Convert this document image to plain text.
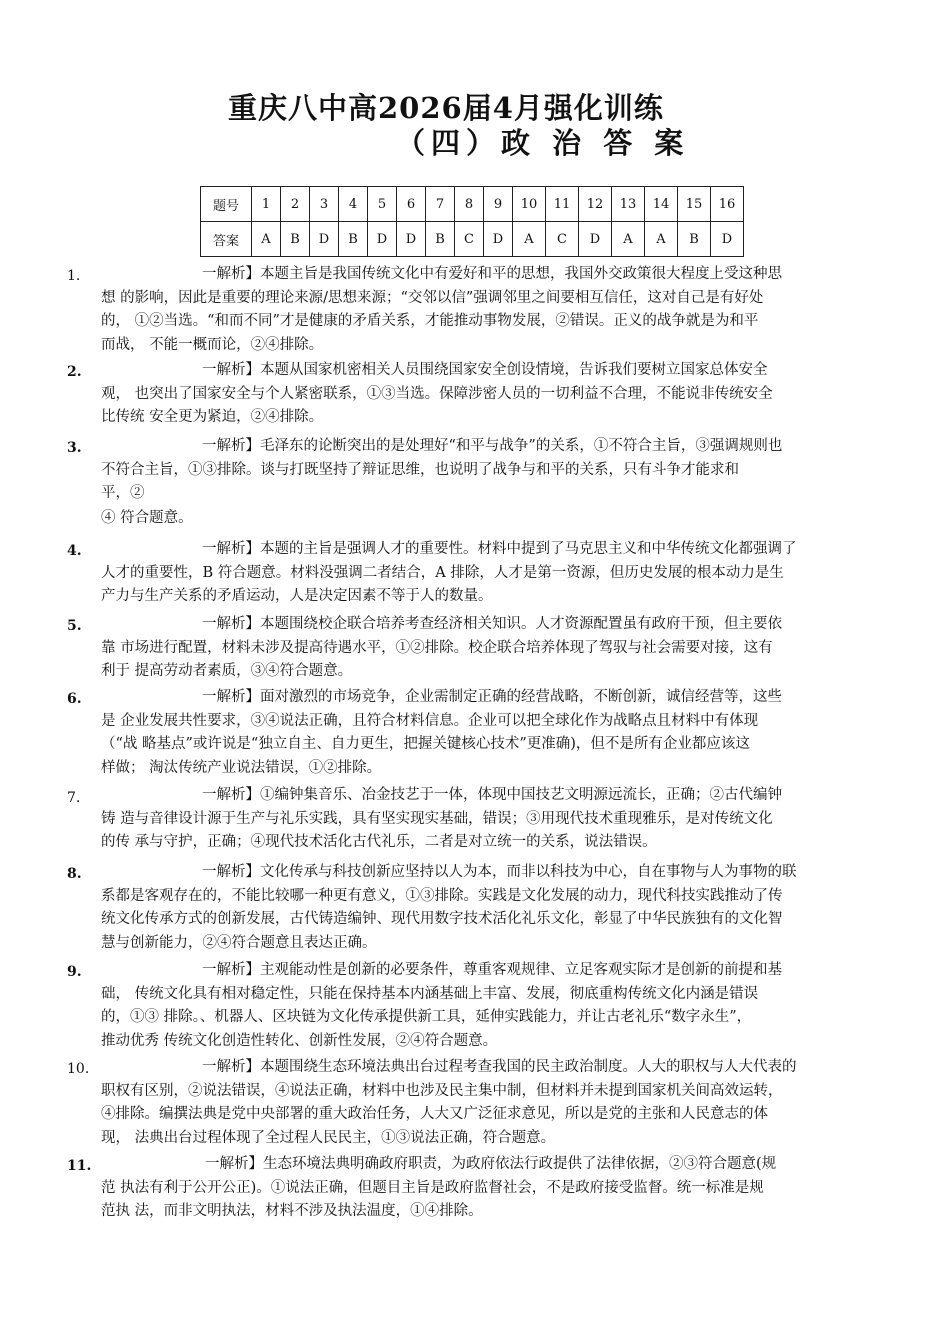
重庆八中高2026届4月强化训练
（四）政 治 答 案
题号	1	2	3	4	5	6	7	8	9	10	11	12	13	14	15	16
答案	A	B	D	B	D	D	B	C	D	A	C	D	A	A	B	D
1.	一解析】本题主旨是我国传统文化中有爱好和平的思想，我国外交政策很大程度上受这种思
想 的影响，因此是重要的理论来源/思想来源；“交邻以信”强调邻里之间要相互信任，这对自己是有好处
的， ①②当选。“和而不同”才是健康的矛盾关系，才能推动事物发展，②错误。正义的战争就是为和平
而战， 不能一概而论，②④排除。
2.	一解析】本题从国家机密相关人员围绕国家安全创设情境，告诉我们要树立国家总体安全
观， 也突出了国家安全与个人紧密联系，①③当选。保障涉密人员的一切利益不合理，不能说非传统安全
比传统 安全更为紧迫，②④排除。
3.	一解析】毛泽东的论断突出的是处理好“和平与战争”的关系，①不符合主旨，③强调规则也
不符合主旨，①③排除。谈与打既坚持了辩证思维，也说明了战争与和平的关系，只有斗争才能求和
平，②
④ 符合题意。
4.	一解析】本题的主旨是强调人才的重要性。材料中提到了马克思主义和中华传统文化都强调了
人才的重要性，B 符合题意。材料没强调二者结合，A 排除，人才是第一资源，但历史发展的根本动力是生
产力与生产关系的矛盾运动，人是决定因素不等于人的数量。
5.	一解析】本题围绕校企联合培养考查经济相关知识。人才资源配置虽有政府干预，但主要依
靠 市场进行配置，材料未涉及提高待遇水平，①②排除。校企联合培养体现了驾驭与社会需要对接，这有
利于 提高劳动者素质，③④符合题意。
6.	一解析】面对激烈的市场竞争，企业需制定正确的经营战略，不断创新，诚信经营等，这些
是 企业发展共性要求，③④说法正确，且符合材料信息。企业可以把全球化作为战略点且材料中有体现
（“战 略基点”或许说是“独立自主、自力更生，把握关键核心技术”更准确)，但不是所有企业都应该这
样做； 淘汰传统产业说法错误，①②排除。
7.	一解析】①编钟集音乐、冶金技艺于一体，体现中国技艺文明源远流长，正确；②古代编钟
铸 造与音律设计源于生产与礼乐实践，具有坚实现实基础，错误；③用现代技术重现雅乐，是对传统文化
的传 承与守护，正确；④现代技术活化古代礼乐，二者是对立统一的关系，说法错误。
8.	一解析】文化传承与科技创新应坚持以人为本，而非以科技为中心，自在事物与人为事物的联
系都是客观存在的，不能比较哪一种更有意义，①③排除。实践是文化发展的动力，现代科技实践推动了传
统文化传承方式的创新发展，古代铸造编钟、现代用数字技术活化礼乐文化，彰显了中华民族独有的文化智
慧与创新能力，②④符合题意且表达正确。
9.	一解析】主观能动性是创新的必要条件，尊重客观规律、立足客观实际才是创新的前提和基
础， 传统文化具有相对稳定性，只能在保持基本内涵基础上丰富、发展，彻底重构传统文化内涵是错误
的，①③ 排除。、机器人、区块链为文化传承提供新工具，延伸实践能力，并让古老礼乐“数字永生”，
推动优秀 传统文化创造性转化、创新性发展，②④符合题意。
10.	一解析】本题围绕生态环境法典出台过程考查我国的民主政治制度。人大的职权与人大代表的
职权有区别，②说法错误，④说法正确，材料中也涉及民主集中制，但材料并未提到国家机关间高效运转，
④排除。编撰法典是党中央部署的重大政治任务，人大又广泛征求意见，所以是党的主张和人民意志的体
现， 法典出台过程体现了全过程人民民主，①③说法正确，符合题意。
11.	一解析】生态环境法典明确政府职责，为政府依法行政提供了法律依据，②③符合题意(规
范 执法有利于公开公正)。①说法正确，但题目主旨是政府监督社会，不是政府接受监督。统一标准是规
范执 法，而非文明执法，材料不涉及执法温度，①④排除。
